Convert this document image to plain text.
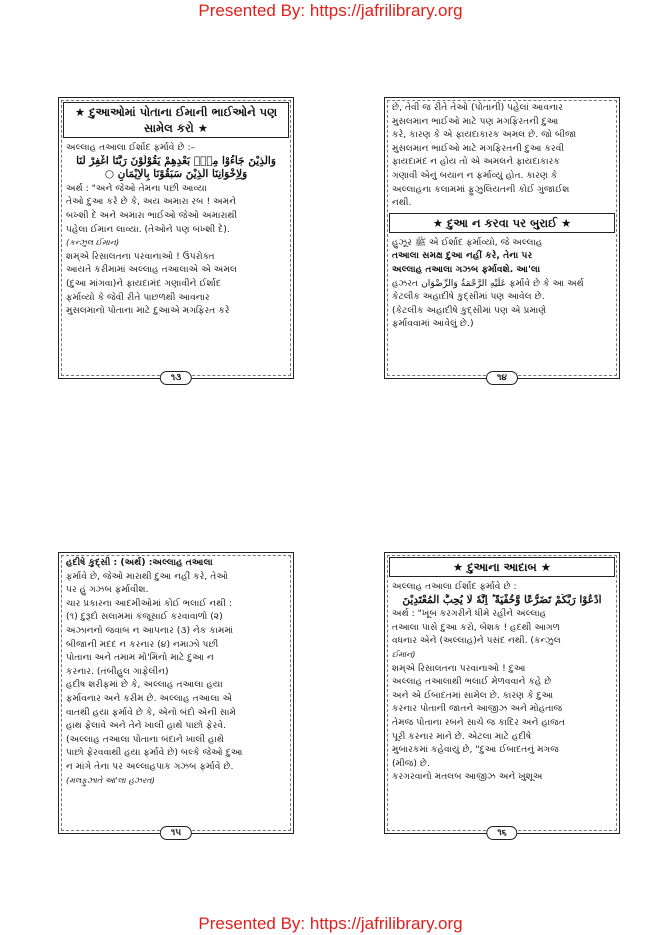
Presented By: https://jafrilibrary.org
★ દુઆઓમાં પોતાના ઈમાની ભાઈઓને પણ સામેલ કરો ★
અલ્લાહ તઆલા ઈર્શાદ ફર્માવે છે :–
وَالَّذِيْنَ جَآءُوْا مِنْۢ بَعْدِهِمْ يَقُوْلُوْنَ رَبَّنَا اغْفِرْ لَنَا
وَلِاِخْوَانِنَا الَّذِيْنَ سَبَقُوْنَا بِالْاِيْمَانِ ○
અર્થ : "અને જેઓ તેમના પછી આવ્યા
તેઓ દુઆ કરે છે કે, અય અમારા રબ ! અમને
બખ્શી દે અને અમારા ભાઈઓ જેઓ અમારાથી
પહેલા ઈમાન લાવ્યા. (તેઓને પણ બખ્શી દે).
(કન્ઝુલ ઈમાન)
શમ્એ રિસાલતના પરવાનાઓ ! ઉપરોક્ત
આયતે કરીમામાં અલ્લાહ તઆલાએ એ અમલ
(દુઆ માંગવા)ને ફાયદામંદ ગણાવીને ઈર્શાદ
ફર્માવ્યો કે જેવી રીતે પાછળથી આવનાર
મુસલમાનો પોતાના માટે દુઆએ મગફિરત કરે
૧૩
છે, તેવી જ રીતે તેઓ (પોતાની) પહેલાં આવનાર
મુસલમાન ભાઈઓ માટે પણ મગફિરતની દુઆ
કરે, કારણ કે એ ફાયદાકારક અમલ છે. જો બીજા
મુસલમાન ભાઈઓ માટે મગફિરતની દુઆ કરવી
ફાયદામંદ ન હોય તો એ અમલને ફાયદાકારક
ગણાવી એનું બયાન ન ફર્માવ્યું હોત. કારણ કે
અલ્લાહના કલામમાં ફુઝુલિયતની કોઈ ગુંજાઈશ
નથી.
★ દુઆ ન કરવા પર બુરાઈ ★
હુઝૂર ﷺ એ ઈર્શાદ ફર્માવ્યો, જે અલ્લાહ
તઆલા સમક્ષ દુઆ નહીં કરે, તેના પર
અલ્લાહ તઆલા ગઝબ ફર્માવશે. આ'લા
હઝરત عَلَيْهِ الرَّحْمَةُ وَالرِّضْوَان ફર્માવે છે કે આ અર્થ
કેટલીક અહાદીષે કુદ્સીમાં પણ આવેલ છે.
(કેટલીક અહાદીષે કુદ્સીમાં પણ એ પ્રમાણે
ફર્માવવામાં આવેલું છે.)
૧૪
હદીષે કુદ્સી : (અર્થ) :અલ્લાહ તઆલા
ફર્માવે છે, જેઓ મારાથી દુઆ નહીં કરે, તેઓ
પર હું ગઝબ ફર્માવીશ.
ચાર પ્રકારના આદમીઓમાં કોઈ ભલાઈ નથી :
(૧) દુરૂદો સલામમાં કંજૂસાઈ કરવાવાળો (૨)
અઝાનનો જવાબ ન આપનાર (૩) નેક કામમાં
બીજાની મદદ ન કરનાર (૪) નમાઝો પછી
પોતાના અને તમામ મો'મિનો માટે દુઆ ન
કરનાર. (તંબીહુલ ગાફેલીન)
હદીષ શરીફમાં છે કે, અલ્લાહ તઆલા હયા
ફર્માવનાર અને કરીમ છે. અલ્લાહ તઆલા એ
વાતથી હયા ફર્માવે છે કે, એનો બંદો એની સામે
હાથ ફેલાવે અને તેને ખાલી હાથે પાછો ફેરવે.
(અલ્લાહ તઆલા પોતાના બંદાને ખાલી હાથે
પાછો ફેરવવાથી હયા ફર્માવે છે) બલ્કે જેઓ દુઆ
ન માંગે તેના પર અલ્લાહપાક ગઝબ ફર્માવે છે.
(મલફુઝાતે આ'લા હઝરત)
૧૫
★ દુઆના આદાબ ★
અલ્લાહ તઆલા ઈર્શાદ ફર્માવે છે :
اُدْعُوْا رَبَّكُمْ تَضَرُّعًا وَّخُفْيَةً ؕ اِنَّهٗ لَا يُحِبُّ الْمُعْتَدِيْنَ
અર્થ : "ખૂબ કરગરીને ધીમે રહીને અલ્લાહ
તઆલા પાસે દુઆ કરો, બેશક ! હદથી આગળ
વધનાર એને (અલ્લાહ)ને પસંદ નથી. (કન્ઝુલ
ઈમાન)
શમ્એ રિસાલતના પરવાનાઓ ! દુઆ
અલ્લાહ તઆલાથી ભલાઈ મેળવવાને કહે છે
અને એ ઈબાદતમાં સામેલ છે. કારણ કે દુઆ
કરનાર પોતાની જાતને આજીઝ અને મોહતાજ
તેમજ પોતાના રબને સાચે જ કાદિર અને હાજત
પૂરી કરનાર માને છે. એટલા માટે હદીષે
મુબારકમાં કહેવાયું છે, "દુઆ ઈબાદતનું મગજ
(મીજ) છે.
કરગરવાનો મતલબ આજીઝ અને ખુશૂઅ
૧૬
Presented By: https://jafrilibrary.org
